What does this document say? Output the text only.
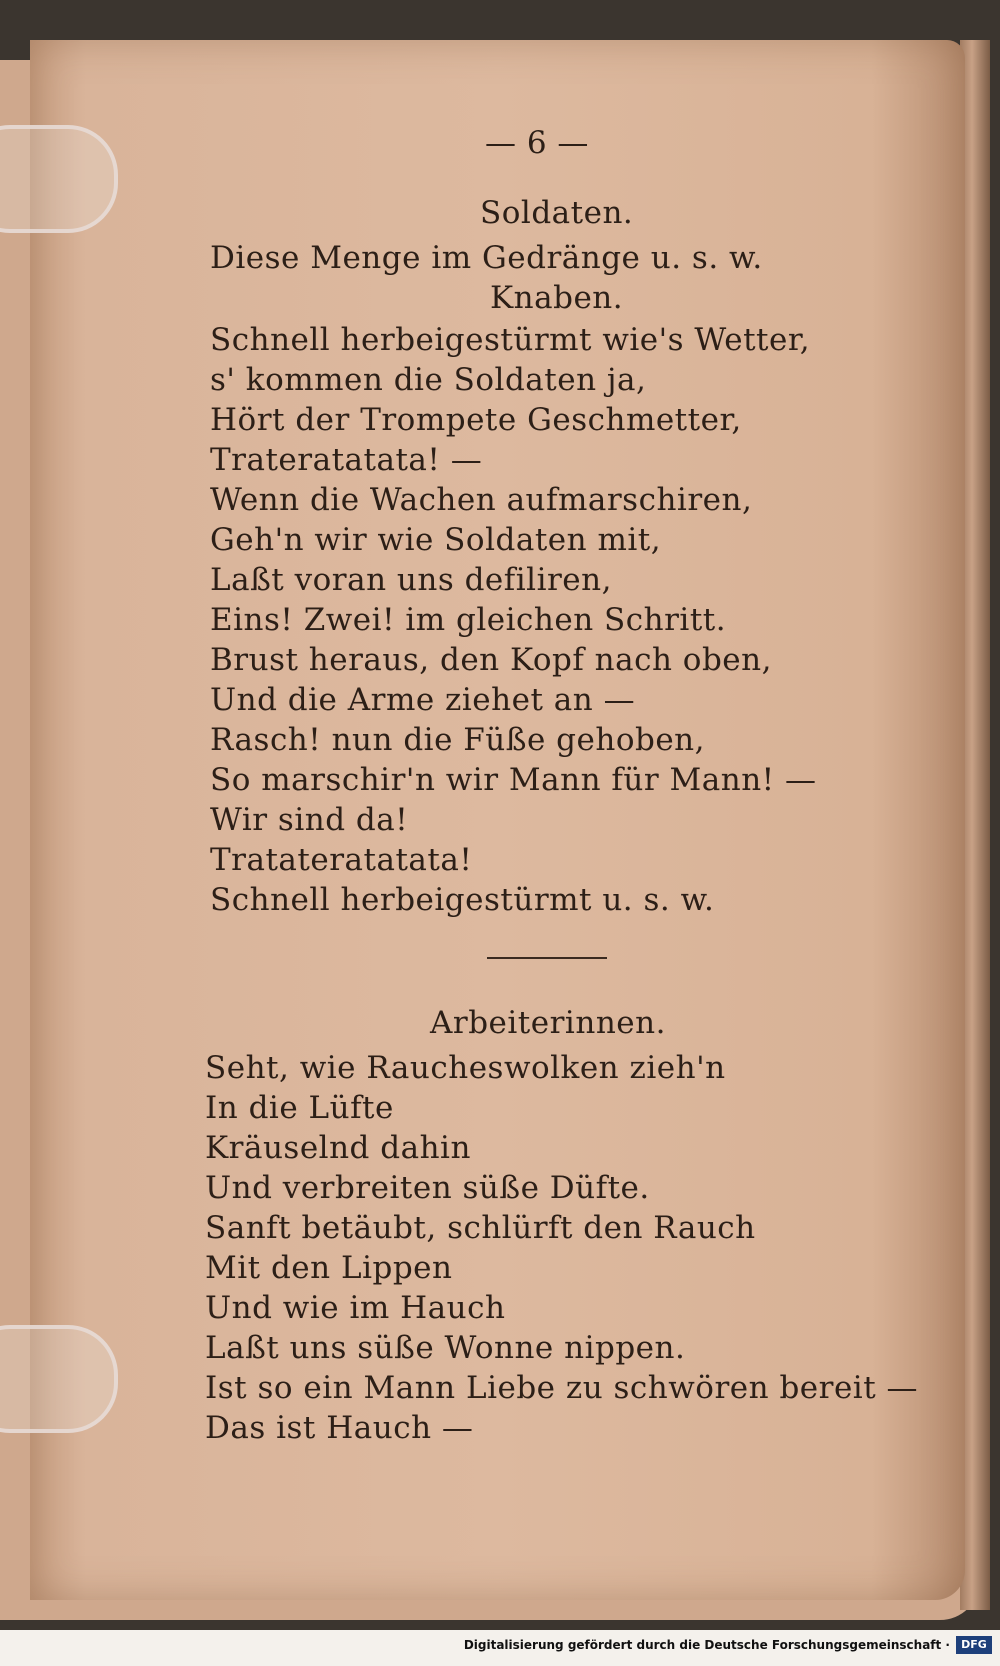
— 6 —
Soldaten.
Diese Menge im Gedränge u. s. w.
Knaben.
Schnell herbeigestürmt wie's Wetter,
s' kommen die Soldaten ja,
Hört der Trompete Geschmetter,
Trateratatata! —
Wenn die Wachen aufmarschiren,
Geh'n wir wie Soldaten mit,
Laßt voran uns defiliren,
Eins! Zwei! im gleichen Schritt.
Brust heraus, den Kopf nach oben,
Und die Arme ziehet an —
Rasch! nun die Füße gehoben,
So marschir'n wir Mann für Mann! —
Wir sind da!
Tratateratatata!
Schnell herbeigestürmt u. s. w.
Arbeiterinnen.
Seht, wie Raucheswolken zieh'n
In die Lüfte
Kräuselnd dahin
Und verbreiten süße Düfte.
Sanft betäubt, schlürft den Rauch
Mit den Lippen
Und wie im Hauch
Laßt uns süße Wonne nippen.
Ist so ein Mann Liebe zu schwören bereit —
Das ist Hauch —
Digitalisierung gefördert durch die Deutsche Forschungsgemeinschaft ·	DFG
